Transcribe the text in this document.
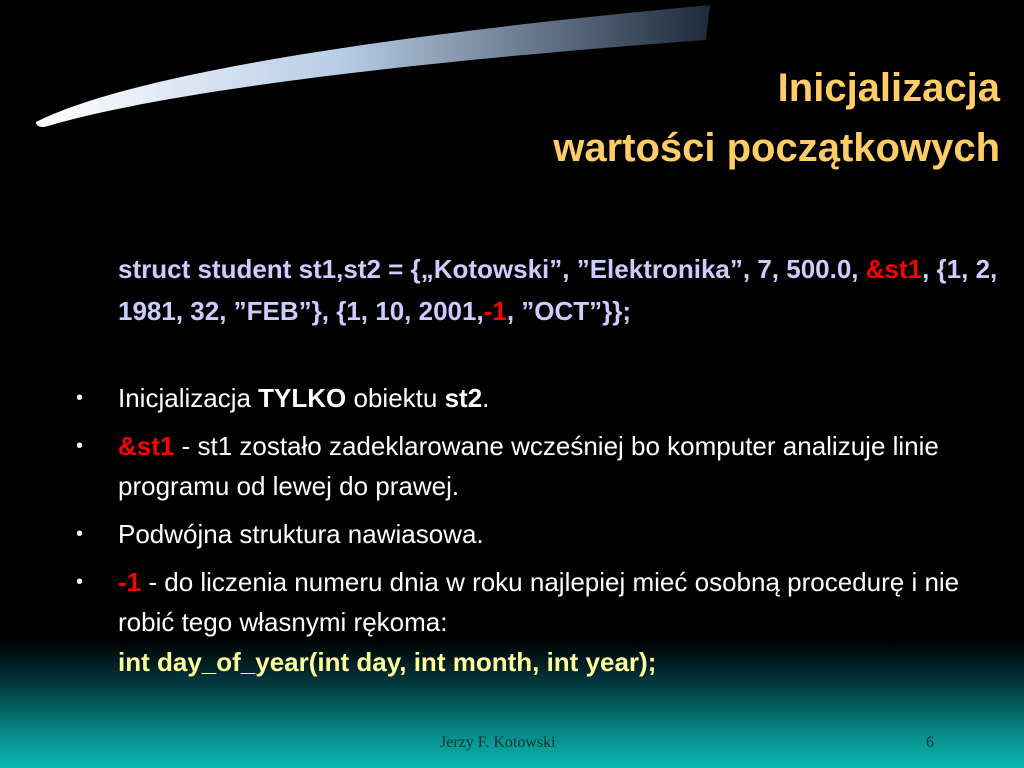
Inicjalizacja
wartości początkowych

struct student st1,st2 = {„Kotowski”, ”Elektronika”, 7, 500.0, &st1, {1, 2, 1981, 32, ”FEB”}, {1, 10, 2001,-1, ”OCT”}};

• Inicjalizacja TYLKO obiektu st2.
• &st1 - st1 zostało zadeklarowane wcześniej bo komputer analizuje linie programu od lewej do prawej.
• Podwójna struktura nawiasowa.
• -1 - do liczenia numeru dnia w roku najlepiej mieć osobną procedurę i nie robić tego własnymi rękoma:
int day_of_year(int day, int month, int year);
Jerzy F. Kotowski	6
